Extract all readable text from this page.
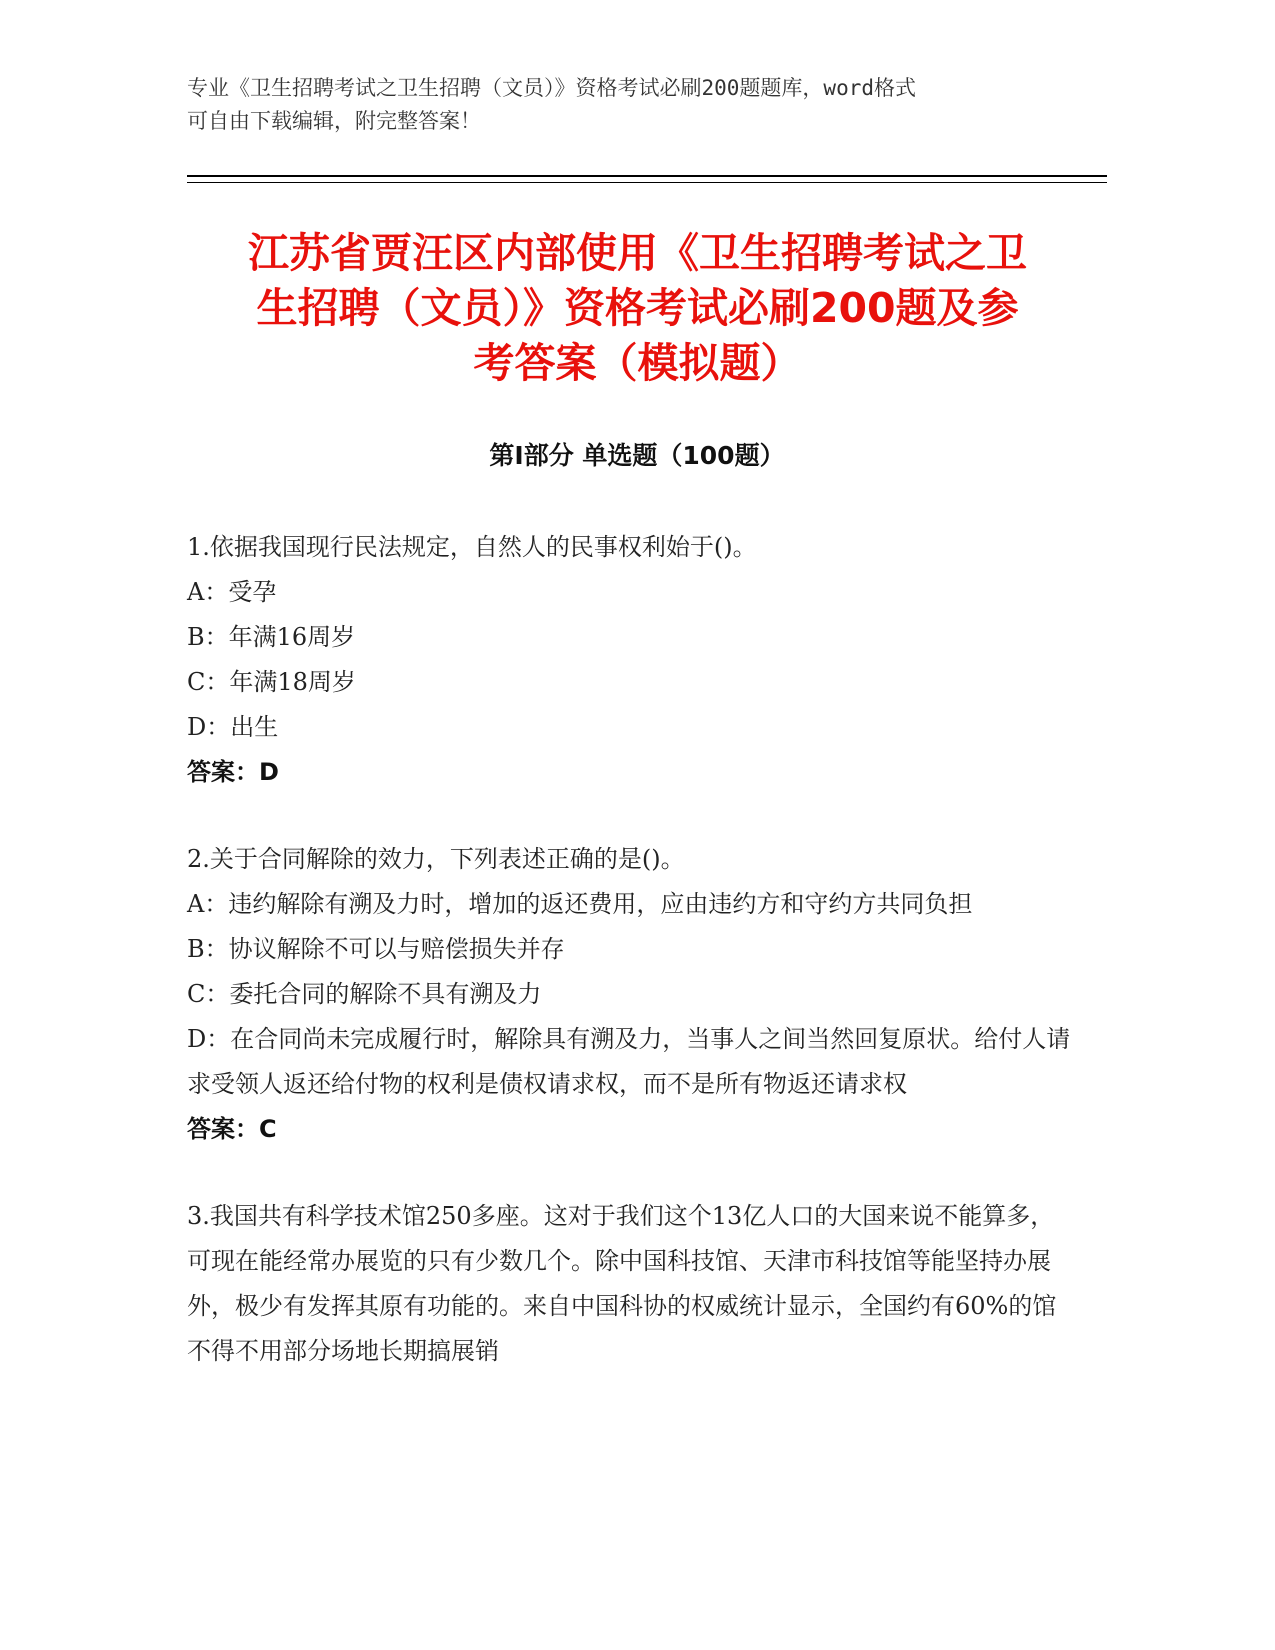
专业《卫生招聘考试之卫生招聘（文员）》资格考试必刷200题题库，word格式
可自由下载编辑，附完整答案！
江苏省贾汪区内部使用《卫生招聘考试之卫
生招聘（文员）》资格考试必刷200题及参
考答案（模拟题）
第Ⅰ部分 单选题（100题）

1.依据我国现行民法规定，自然人的民事权利始于()。

A：受孕

B：年满16周岁

C：年满18周岁

D：出生

答案：D

2.关于合同解除的效力，下列表述正确的是()。

A：违约解除有溯及力时，增加的返还费用，应由违约方和守约方共同负担

B：协议解除不可以与赔偿损失并存

C：委托合同的解除不具有溯及力

D：在合同尚未完成履行时，解除具有溯及力，当事人之间当然回复原状。给付人请求受领人返还给付物的权利是债权请求权，而不是所有物返还请求权

答案：C

3.我国共有科学技术馆250多座。这对于我们这个13亿人口的大国来说不能算多，可现在能经常办展览的只有少数几个。除中国科技馆、天津市科技馆等能坚持办展外，极少有发挥其原有功能的。来自中国科协的权威统计显示，全国约有60%的馆不得不用部分场地长期搞展销
